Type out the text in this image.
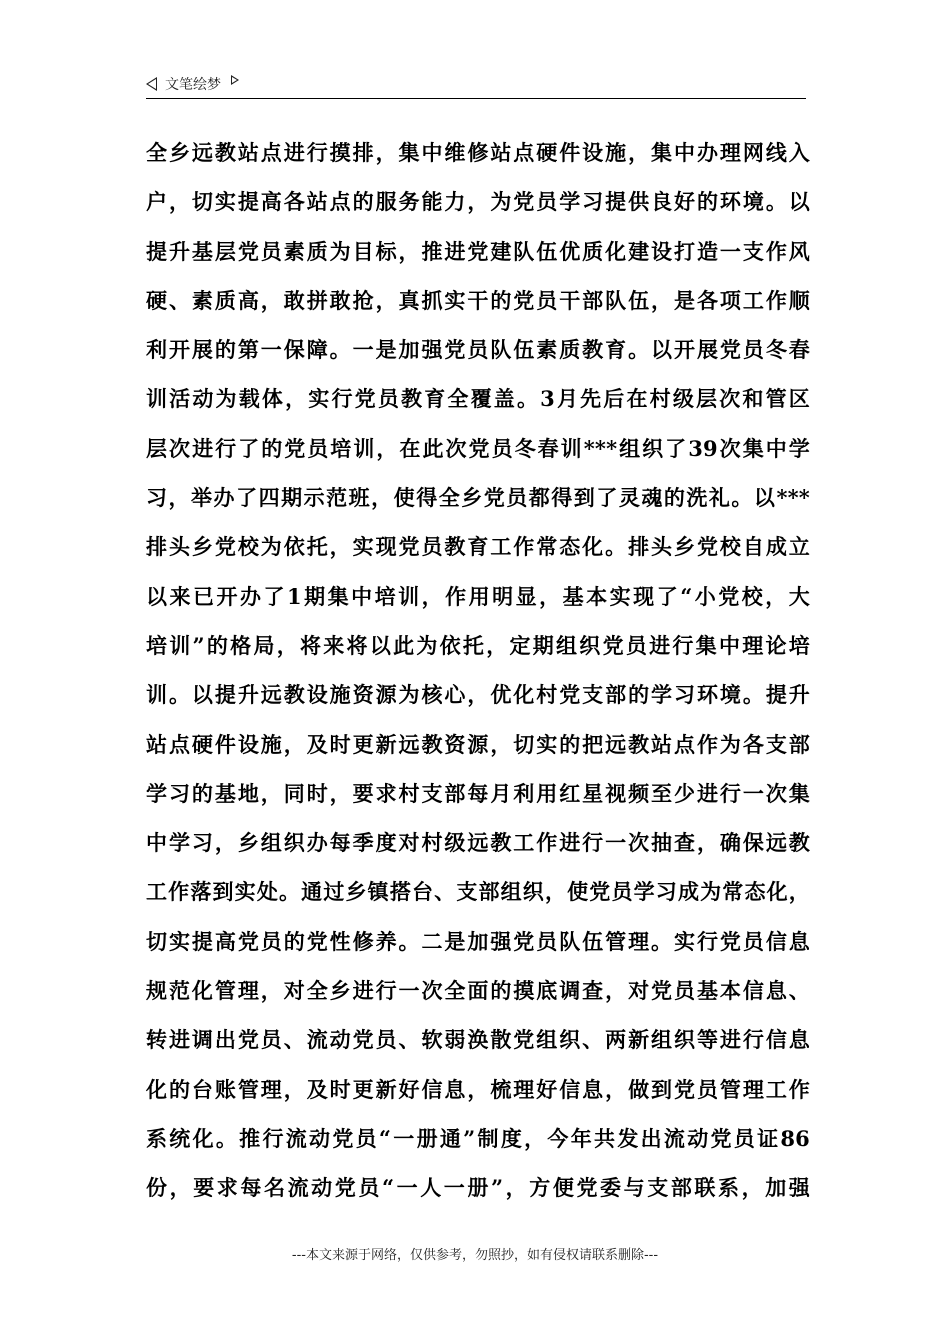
文笔绘梦
全乡远教站点进行摸排，集中维修站点硬件设施，集中办理网线入
户，切实提高各站点的服务能力，为党员学习提供良好的环境。以
提升基层党员素质为目标，推进党建队伍优质化建设打造一支作风
硬、素质高，敢拼敢抢，真抓实干的党员干部队伍，是各项工作顺
利开展的第一保障。一是加强党员队伍素质教育。以开展党员冬春
训活动为载体，实行党员教育全覆盖。3月先后在村级层次和管区
层次进行了的党员培训，在此次党员冬春训***组织了39次集中学
习，举办了四期示范班，使得全乡党员都得到了灵魂的洗礼。以***
排头乡党校为依托，实现党员教育工作常态化。排头乡党校自成立
以来已开办了1期集中培训，作用明显，基本实现了“小党校，大
培训”的格局，将来将以此为依托，定期组织党员进行集中理论培
训。以提升远教设施资源为核心，优化村党支部的学习环境。提升
站点硬件设施，及时更新远教资源，切实的把远教站点作为各支部
学习的基地，同时，要求村支部每月利用红星视频至少进行一次集
中学习，乡组织办每季度对村级远教工作进行一次抽查，确保远教
工作落到实处。通过乡镇搭台、支部组织，使党员学习成为常态化，
切实提高党员的党性修养。二是加强党员队伍管理。实行党员信息
规范化管理，对全乡进行一次全面的摸底调查，对党员基本信息、
转进调出党员、流动党员、软弱涣散党组织、两新组织等进行信息
化的台账管理，及时更新好信息，梳理好信息，做到党员管理工作
系统化。推行流动党员“一册通”制度，今年共发出流动党员证86
份，要求每名流动党员“一人一册”，方便党委与支部联系，加强
---本文来源于网络，仅供参考，勿照抄，如有侵权请联系删除---
